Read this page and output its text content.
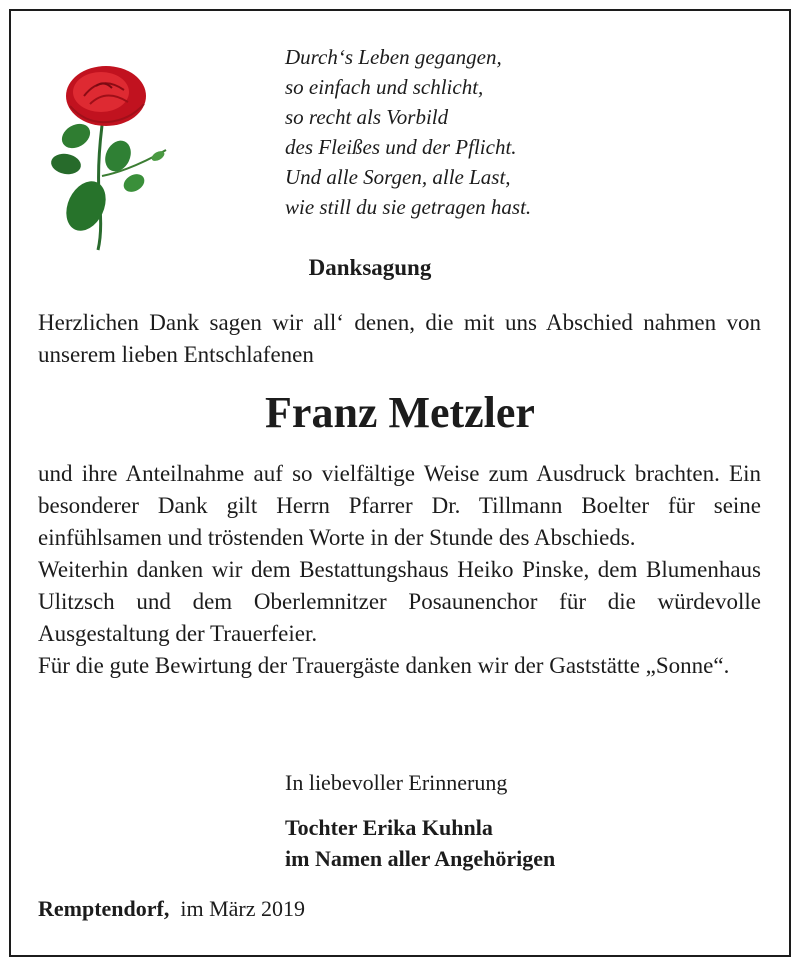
Durch‘s Leben gegangen,
so einfach und schlicht,
so recht als Vorbild
des Fleißes und der Pflicht.
Und alle Sorgen, alle Last,
wie still du sie getragen hast.
Danksagung
Herzlichen Dank sagen wir all‘ denen, die mit uns Abschied nahmen von unserem lieben Entschlafenen
Franz Metzler
und ihre Anteilnahme auf so vielfältige Weise zum Ausdruck brachten. Ein besonderer Dank gilt Herrn Pfarrer Dr. Tillmann Boelter für seine einfühlsamen und tröstenden Worte in der Stunde des Abschieds.
Weiterhin danken wir dem Bestattungshaus Heiko Pinske, dem Blumenhaus Ulitzsch und dem Oberlemnitzer Posaunenchor für die würdevolle Ausgestaltung der Trauerfeier.
Für die gute Bewirtung der Trauergäste danken wir der Gaststätte „Sonne“.
In liebevoller Erinnerung
Tochter Erika Kuhnla
im Namen aller Angehörigen
Remptendorf, im März 2019
